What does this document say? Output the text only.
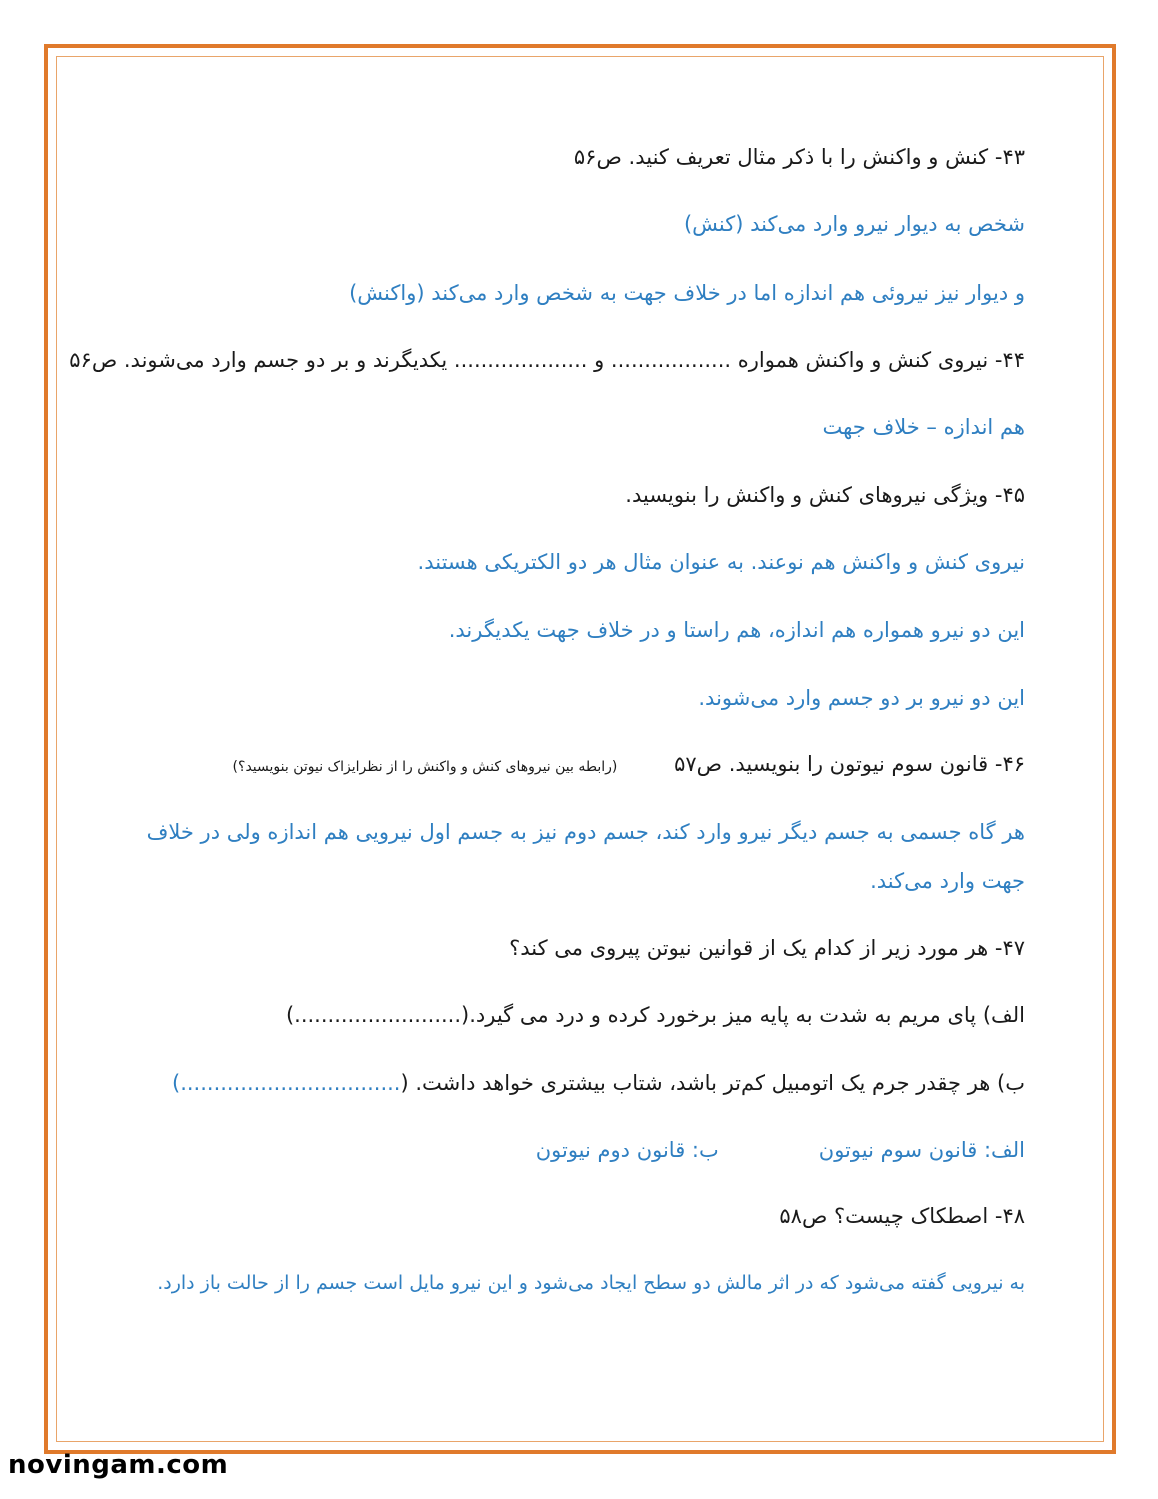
۴۳- کنش و واکنش را با ذکر مثال تعریف کنید. ص۵۶
شخص به دیوار نیرو وارد می‌کند (کنش)
و دیوار نیز نیروئی هم اندازه اما در خلاف جهت به شخص وارد می‌کند (واکنش)
۴۴- نیروی کنش و واکنش همواره .................. و .................... یکدیگرند و بر دو جسم وارد می‌شوند. ص۵۶
هم اندازه – خلاف جهت
۴۵- ویژگی نیروهای کنش و واکنش را بنویسید.
نیروی کنش و واکنش هم نوعند. به عنوان مثال هر دو الکتریکی هستند.
این دو نیرو همواره هم اندازه، هم راستا و در خلاف جهت یکدیگرند.
این دو نیرو بر دو جسم وارد می‌شوند.
۴۶- قانون سوم نیوتون را بنویسید. ص۵۷ (رابطه بین نیروهای کنش و واکنش را از نظرایزاک نیوتن بنویسید؟)
هر گاه جسمی به جسم دیگر نیرو وارد کند، جسم دوم نیز به جسم اول نیرویی هم اندازه ولی در خلاف
جهت وارد می‌کند.
۴۷- هر مورد زیر از کدام یک از قوانین نیوتن پیروی می کند؟
الف) پای مریم به شدت به پایه میز برخورد کرده و درد می گیرد.(.........................)
ب) هر چقدر جرم یک اتومبیل کم‌تر باشد، شتاب بیشتری خواهد داشت. (.................................)
الف: قانون سوم نیوتونب: قانون دوم نیوتون
۴۸- اصطکاک چیست؟ ص۵۸
به نیرویی گفته می‌شود که در اثر مالش دو سطح ایجاد می‌شود و این نیرو مایل است جسم را از حالت باز دارد.
novingam.com
